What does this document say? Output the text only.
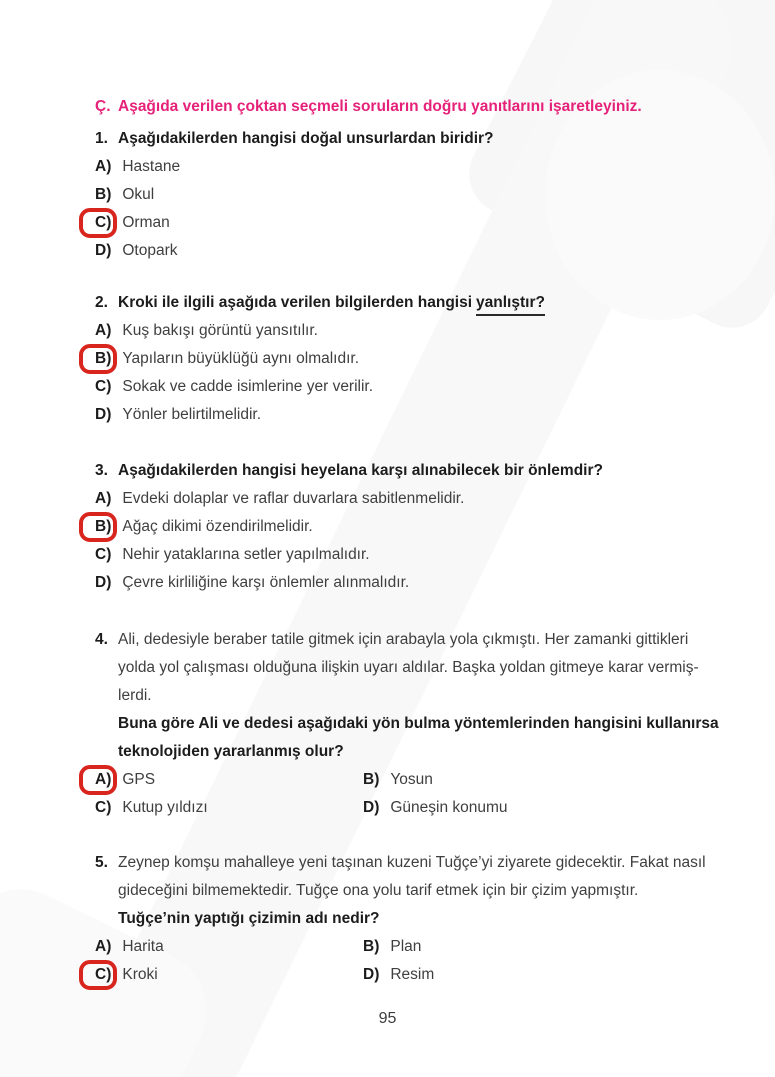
Ç. Aşağıda verilen çoktan seçmeli soruların doğru yanıtlarını işaretleyiniz.
1. Aşağıdakilerden hangisi doğal unsurlardan biridir?
A) Hastane
B) Okul
C) Orman
D) Otopark
2. Kroki ile ilgili aşağıda verilen bilgilerden hangisi yanlıştır?
A) Kuş bakışı görüntü yansıtılır.
B) Yapıların büyüklüğü aynı olmalıdır.
C) Sokak ve cadde isimlerine yer verilir.
D) Yönler belirtilmelidir.
3. Aşağıdakilerden hangisi heyelana karşı alınabilecek bir önlemdir?
A) Evdeki dolaplar ve raflar duvarlara sabitlenmelidir.
B) Ağaç dikimi özendirilmelidir.
C) Nehir yataklarına setler yapılmalıdır.
D) Çevre kirliliğine karşı önlemler alınmalıdır.
4. Ali, dedesiyle beraber tatile gitmek için arabayla yola çıkmıştı. Her zamanki gittikleri
yolda yol çalışması olduğuna ilişkin uyarı aldılar. Başka yoldan gitmeye karar vermiş-
lerdi.
Buna göre Ali ve dedesi aşağıdaki yön bulma yöntemlerinden hangisini kullanırsa
teknolojiden yararlanmış olur?
A) GPS	B) Yosun
C) Kutup yıldızı	D) Güneşin konumu
5. Zeynep komşu mahalleye yeni taşınan kuzeni Tuğçe’yi ziyarete gidecektir. Fakat nasıl
gideceğini bilmemektedir. Tuğçe ona yolu tarif etmek için bir çizim yapmıştır.
Tuğçe’nin yaptığı çizimin adı nedir?
A) Harita	B) Plan
C) Kroki	D) Resim
95
